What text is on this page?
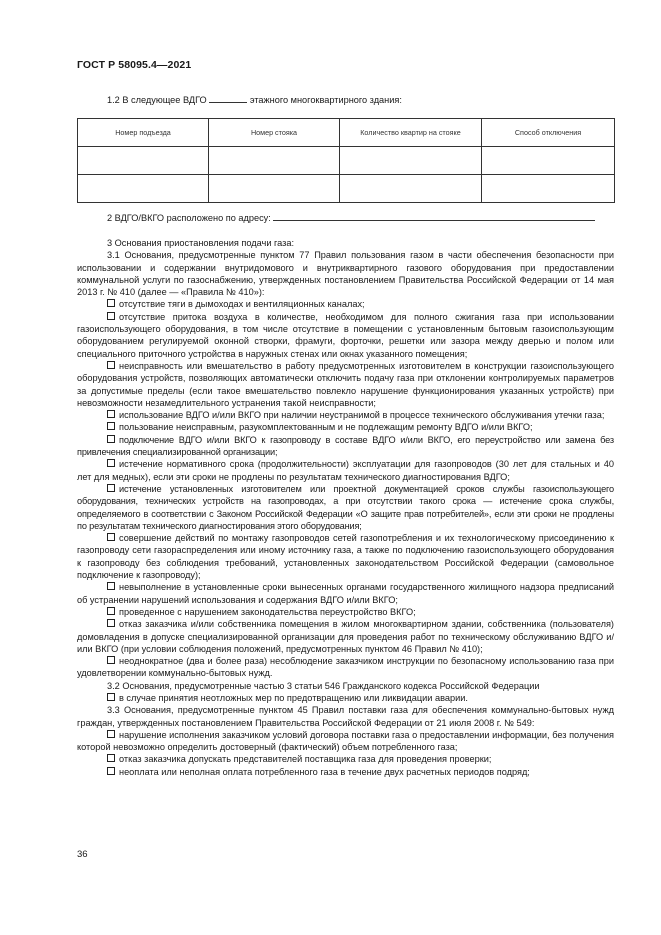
ГОСТ Р 58095.4—2021
1.2 В следующее ВДГО	этажного многоквартирного здания:
Номер подъезда	Номер стояка	Количество квартир на стояке	Способ отключения

2 ВДГО/ВКГО расположено по адресу:

3 Основания приостановления подачи газа:

3.1 Основания, предусмотренные пунктом 77 Правил пользования газом в части обеспечения безопасности при использовании и содержании внутридомового и внутриквартирного газового оборудования при предоставлении коммунальной услуги по газоснабжению, утвержденных постановлением Правительства Российской Федерации от 14 мая 2013 г. № 410 (далее — «Правила № 410»):

отсутствие тяги в дымоходах и вентиляционных каналах;

отсутствие притока воздуха в количестве, необходимом для полного сжигания газа при использовании газоиспользующего оборудования, в том числе отсутствие в помещении с установленным бытовым газоиспользующим оборудованием регулируемой оконной створки, фрамуги, форточки, решетки или зазора между дверью и полом или специального приточного устройства в наружных стенах или окнах указанного помещения;

неисправность или вмешательство в работу предусмотренных изготовителем в конструкции газоиспользующего оборудования устройств, позволяющих автоматически отключить подачу газа при отклонении контролируемых параметров за допустимые пределы (если такое вмешательство повлекло нарушение функционирования указанных устройств) при невозможности незамедлительного устранения такой неисправности;

использование ВДГО и/или ВКГО при наличии неустранимой в процессе технического обслуживания утечки газа;

пользование неисправным, разукомплектованным и не подлежащим ремонту ВДГО и/или ВКГО;

подключение ВДГО и/или ВКГО к газопроводу в составе ВДГО и/или ВКГО, его переустройство или замена без привлечения специализированной организации;

истечение нормативного срока (продолжительности) эксплуатации для газопроводов (30 лет для стальных и 40 лет для медных), если эти сроки не продлены по результатам технического диагностирования ВДГО;

истечение установленных изготовителем или проектной документацией сроков службы газоиспользующего оборудования, технических устройств на газопроводах, а при отсутствии такого срока — истечение срока службы, определяемого в соответствии с Законом Российской Федерации «О защите прав потребителей», если эти сроки не продлены по результатам технического диагностирования этого оборудования;

совершение действий по монтажу газопроводов сетей газопотребления и их технологическому присоединению к газопроводу сети газораспределения или иному источнику газа, а также по подключению газоиспользующего оборудования к газопроводу без соблюдения требований, установленных законодательством Российской Федерации (самовольное подключение к газопроводу);

невыполнение в установленные сроки вынесенных органами государственного жилищного надзора предписаний об устранении нарушений использования и содержания ВДГО и/или ВКГО;

проведенное с нарушением законодательства переустройство ВКГО;

отказ заказчика и/или собственника помещения в жилом многоквартирном здании, собственника (пользователя) домовладения в допуске специализированной организации для проведения работ по техническому обслуживанию ВДГО и/или ВКГО (при условии соблюдения положений, предусмотренных пунктом 46 Правил № 410);

неоднократное (два и более раза) несоблюдение заказчиком инструкции по безопасному использованию газа при удовлетворении коммунально-бытовых нужд.

3.2 Основания, предусмотренные частью 3 статьи 546 Гражданского кодекса Российской Федерации

в случае принятия неотложных мер по предотвращению или ликвидации аварии.

3.3 Основания, предусмотренные пунктом 45 Правил поставки газа для обеспечения коммунально-бытовых нужд граждан, утвержденных постановлением Правительства Российской Федерации от 21 июля 2008 г. № 549:

нарушение исполнения заказчиком условий договора поставки газа о предоставлении информации, без получения которой невозможно определить достоверный (фактический) объем потребленного газа;

отказ заказчика допускать представителей поставщика газа для проведения проверки;

неоплата или неполная оплата потребленного газа в течение двух расчетных периодов подряд;

36
